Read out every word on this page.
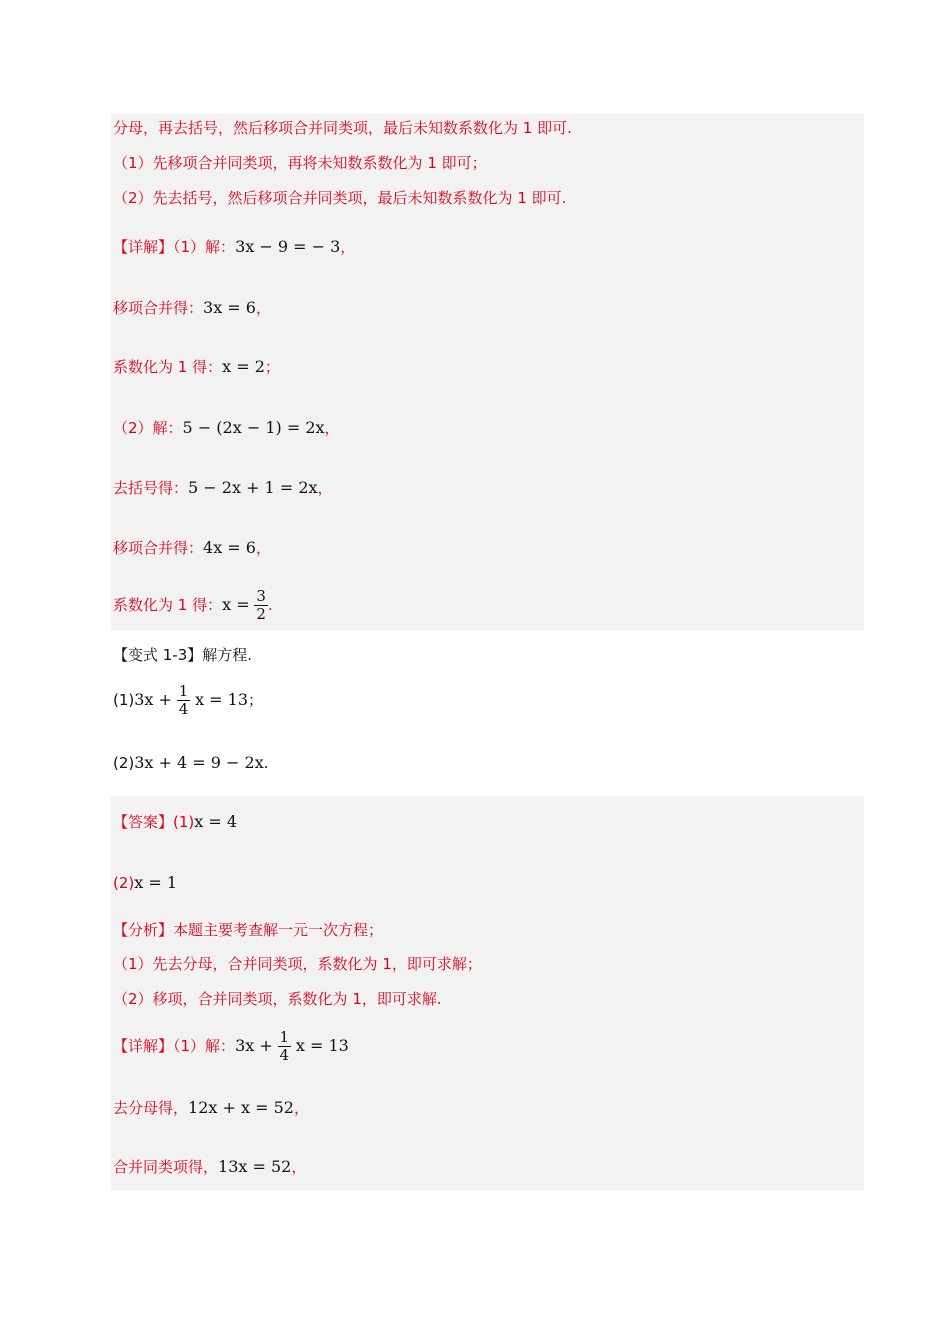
分母，再去括号，然后移项合并同类项，最后未知数系数化为 1 即可.
（1）先移项合并同类项，再将未知数系数化为 1 即可；
（2）先去括号，然后移项合并同类项，最后未知数系数化为 1 即可.
【详解】（1）解：3x − 9 = − 3，
移项合并得：3x = 6，
系数化为 1 得：x = 2；
（2）解：5 − (2x − 1) = 2x，
去括号得：5 − 2x + 1 = 2x，
移项合并得：4x = 6，
系数化为 1 得：$x = \frac{3}{2}$ .
【变式 1-3】解方程.
$(1)3x + \frac{1}{4}$ x = 13；
(2)3x + 4 = 9 − 2x.
【答案】(1)x = 4
(2)x = 1
【分析】本题主要考查解一元一次方程；
（1）先去分母，合并同类项，系数化为 1，即可求解；
（2）移项，合并同类项，系数化为 1，即可求解.
【详解】（1）解：$3x + \frac{1}{4}$ x = 13
去分母得，12x + x = 52，
合并同类项得，13x = 52，
